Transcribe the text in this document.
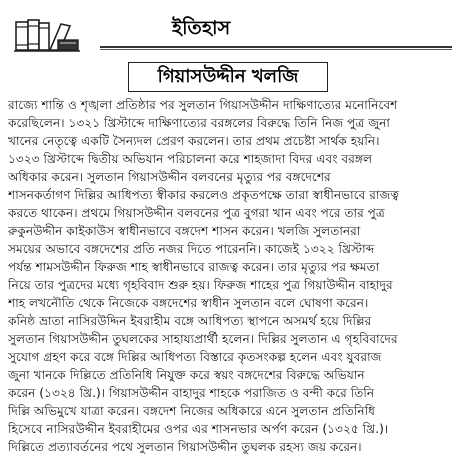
ইতিহাস
গিয়াসউদ্দীন খলজি
রাজ্যে শান্তি ও শৃঙ্খলা প্রতিষ্ঠার পর সুলতান গিয়াসউদ্দীন দাক্ষিণাত্যের মনোনিবেশ
করেছিলেন। ১৩২১ খ্রিস্টাব্দে দাক্ষিণাত্যের বরঙ্গলের বিরুদ্ধে তিনি নিজ পুত্র জুনা
খানের নেতৃত্বে একটি সৈন্যদল প্রেরণ করলেন। তার প্রথম প্রচেষ্টা সার্থক হয়নি।
১৩২৩ খ্রিস্টাব্দে দ্বিতীয় অভিযান পরিচালনা করে শাহজাদা বিদর এবং বরঙ্গল
অধিকার করেন। সুলতান গিয়াসউদ্দীন বলবনের মৃত্যুর পর বঙ্গদেশের
শাসনকর্তাগণ দিল্লির আধিপত্য স্বীকার করলেও প্রকৃতপক্ষে তারা স্বাধীনভাবে রাজত্ব
করতে থাকেন। প্রথমে গিয়াসউদ্দীন বলবনের পুত্র বুগরা খান এবং পরে তার পুত্র
রুকুনউদ্দীন কাইকাউস স্বাধীনভাবে বঙ্গদেশ শাসন করেন। খলজি সুলতানরা
সময়ের অভাবে বঙ্গদেশের প্রতি নজর দিতে পারেননি। কাজেই ১৩২২ খ্রিস্টাব্দ
পর্যন্ত শামসউদ্দীন ফিরুজ শাহ স্বাধীনভাবে রাজত্ব করেন। তার মৃত্যুর পর ক্ষমতা
নিয়ে তার পুত্রদের মধ্যে গৃহবিবাদ শুরু হয়। ফিরুজ শাহের পুত্র গিয়াউদ্দীন বাহাদুর
শাহ লখনৌতি থেকে নিজেকে বঙ্গদেশের স্বাধীন সুলতান বলে ঘোষণা করেন।
কনিষ্ঠ ভ্রাতা নাসিরউদ্দিন ইবরাহীম বঙ্গে আধিপত্য স্থাপনে অসমর্থ হয়ে দিল্লির
সুলতান গিয়াসউদ্দীন তুঘলকের সাহায্যপ্রার্থী হলেন। দিল্লির সুলতান এ গৃহবিবাদের
সুযোগ গ্রহণ করে বঙ্গে দিল্লির আধিপত্য বিস্তারে কৃতসংকল্প হলেন এবং যুবরাজ
জুনা খানকে দিল্লিতে প্রতিনিধি নিযুক্ত করে স্বয়ং বঙ্গদেশের বিরুদ্ধে অভিযান
করেন (১৩২৪ খ্রি.)। গিয়াসউদ্দীন বাহাদুর শাহকে পরাজিত ও বন্দী করে তিনি
দিল্লি অভিমুখে যাত্রা করেন। বঙ্গদেশ নিজের অধিকারে এনে সুলতান প্রতিনিধি
হিসেবে নাসিরউদ্দীন ইবরাহীমের ওপর এর শাসনভার অর্পণ করেন (১৩২৫ খ্রি.)।
দিল্লিতে প্রত্যাবর্তনের পথে সুলতান গিয়াসউদ্দীন তুঘলক রহস্য জয় করেন।
